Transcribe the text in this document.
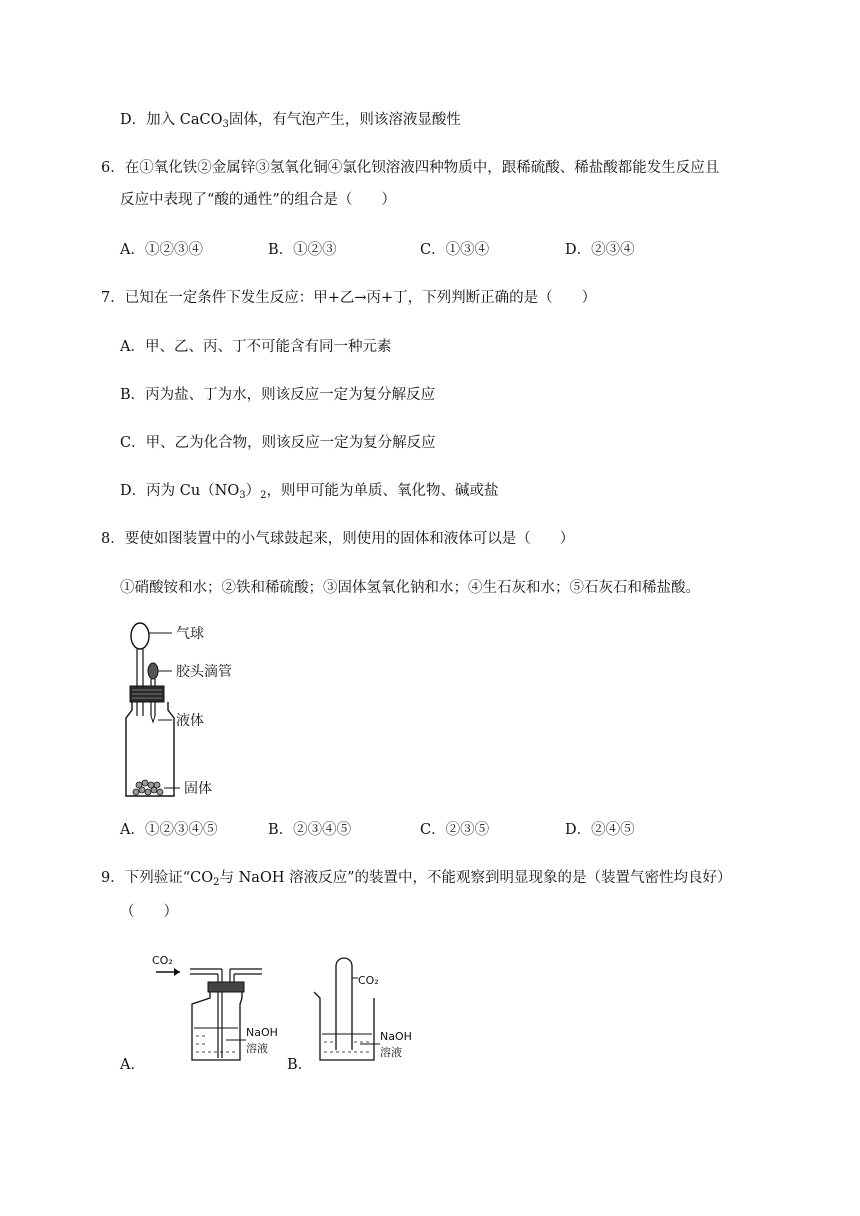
D．加入 CaCO$_3$固体，有气泡产生，则该溶液显酸性
6．在①氧化铁②金属锌③氢氧化铜④氯化钡溶液四种物质中，跟稀硫酸、稀盐酸都能发生反应且
反应中表现了“酸的通性”的组合是（　　）
A．①②③④	B．①②③	C．①③④	D．②③④
7．已知在一定条件下发生反应：甲+乙→丙+丁，下列判断正确的是（　　）
A．甲、乙、丙、丁不可能含有同一种元素
B．丙为盐、丁为水，则该反应一定为复分解反应
C．甲、乙为化合物，则该反应一定为复分解反应
D．丙为 $Cu(NO_3)_2$，则甲可能为单质、氧化物、碱或盐
8．要使如图装置中的小气球鼓起来，则使用的固体和液体可以是（　　）
①硝酸铵和水；②铁和稀硫酸；③固体氢氧化钠和水；④生石灰和水；⑤石灰石和稀盐酸。
气球
胶头滴管
液体
固体
A．①②③④⑤	B．②③④⑤	C．②③⑤	D．②④⑤
9．下列验证“$CO_2$与 NaOH 溶液反应”的装置中，不能观察到明显现象的是（装置气密性均良好）
（　　）
A．
CO₂
NaOH
溶液
B．
CO₂
NaOH
溶液
